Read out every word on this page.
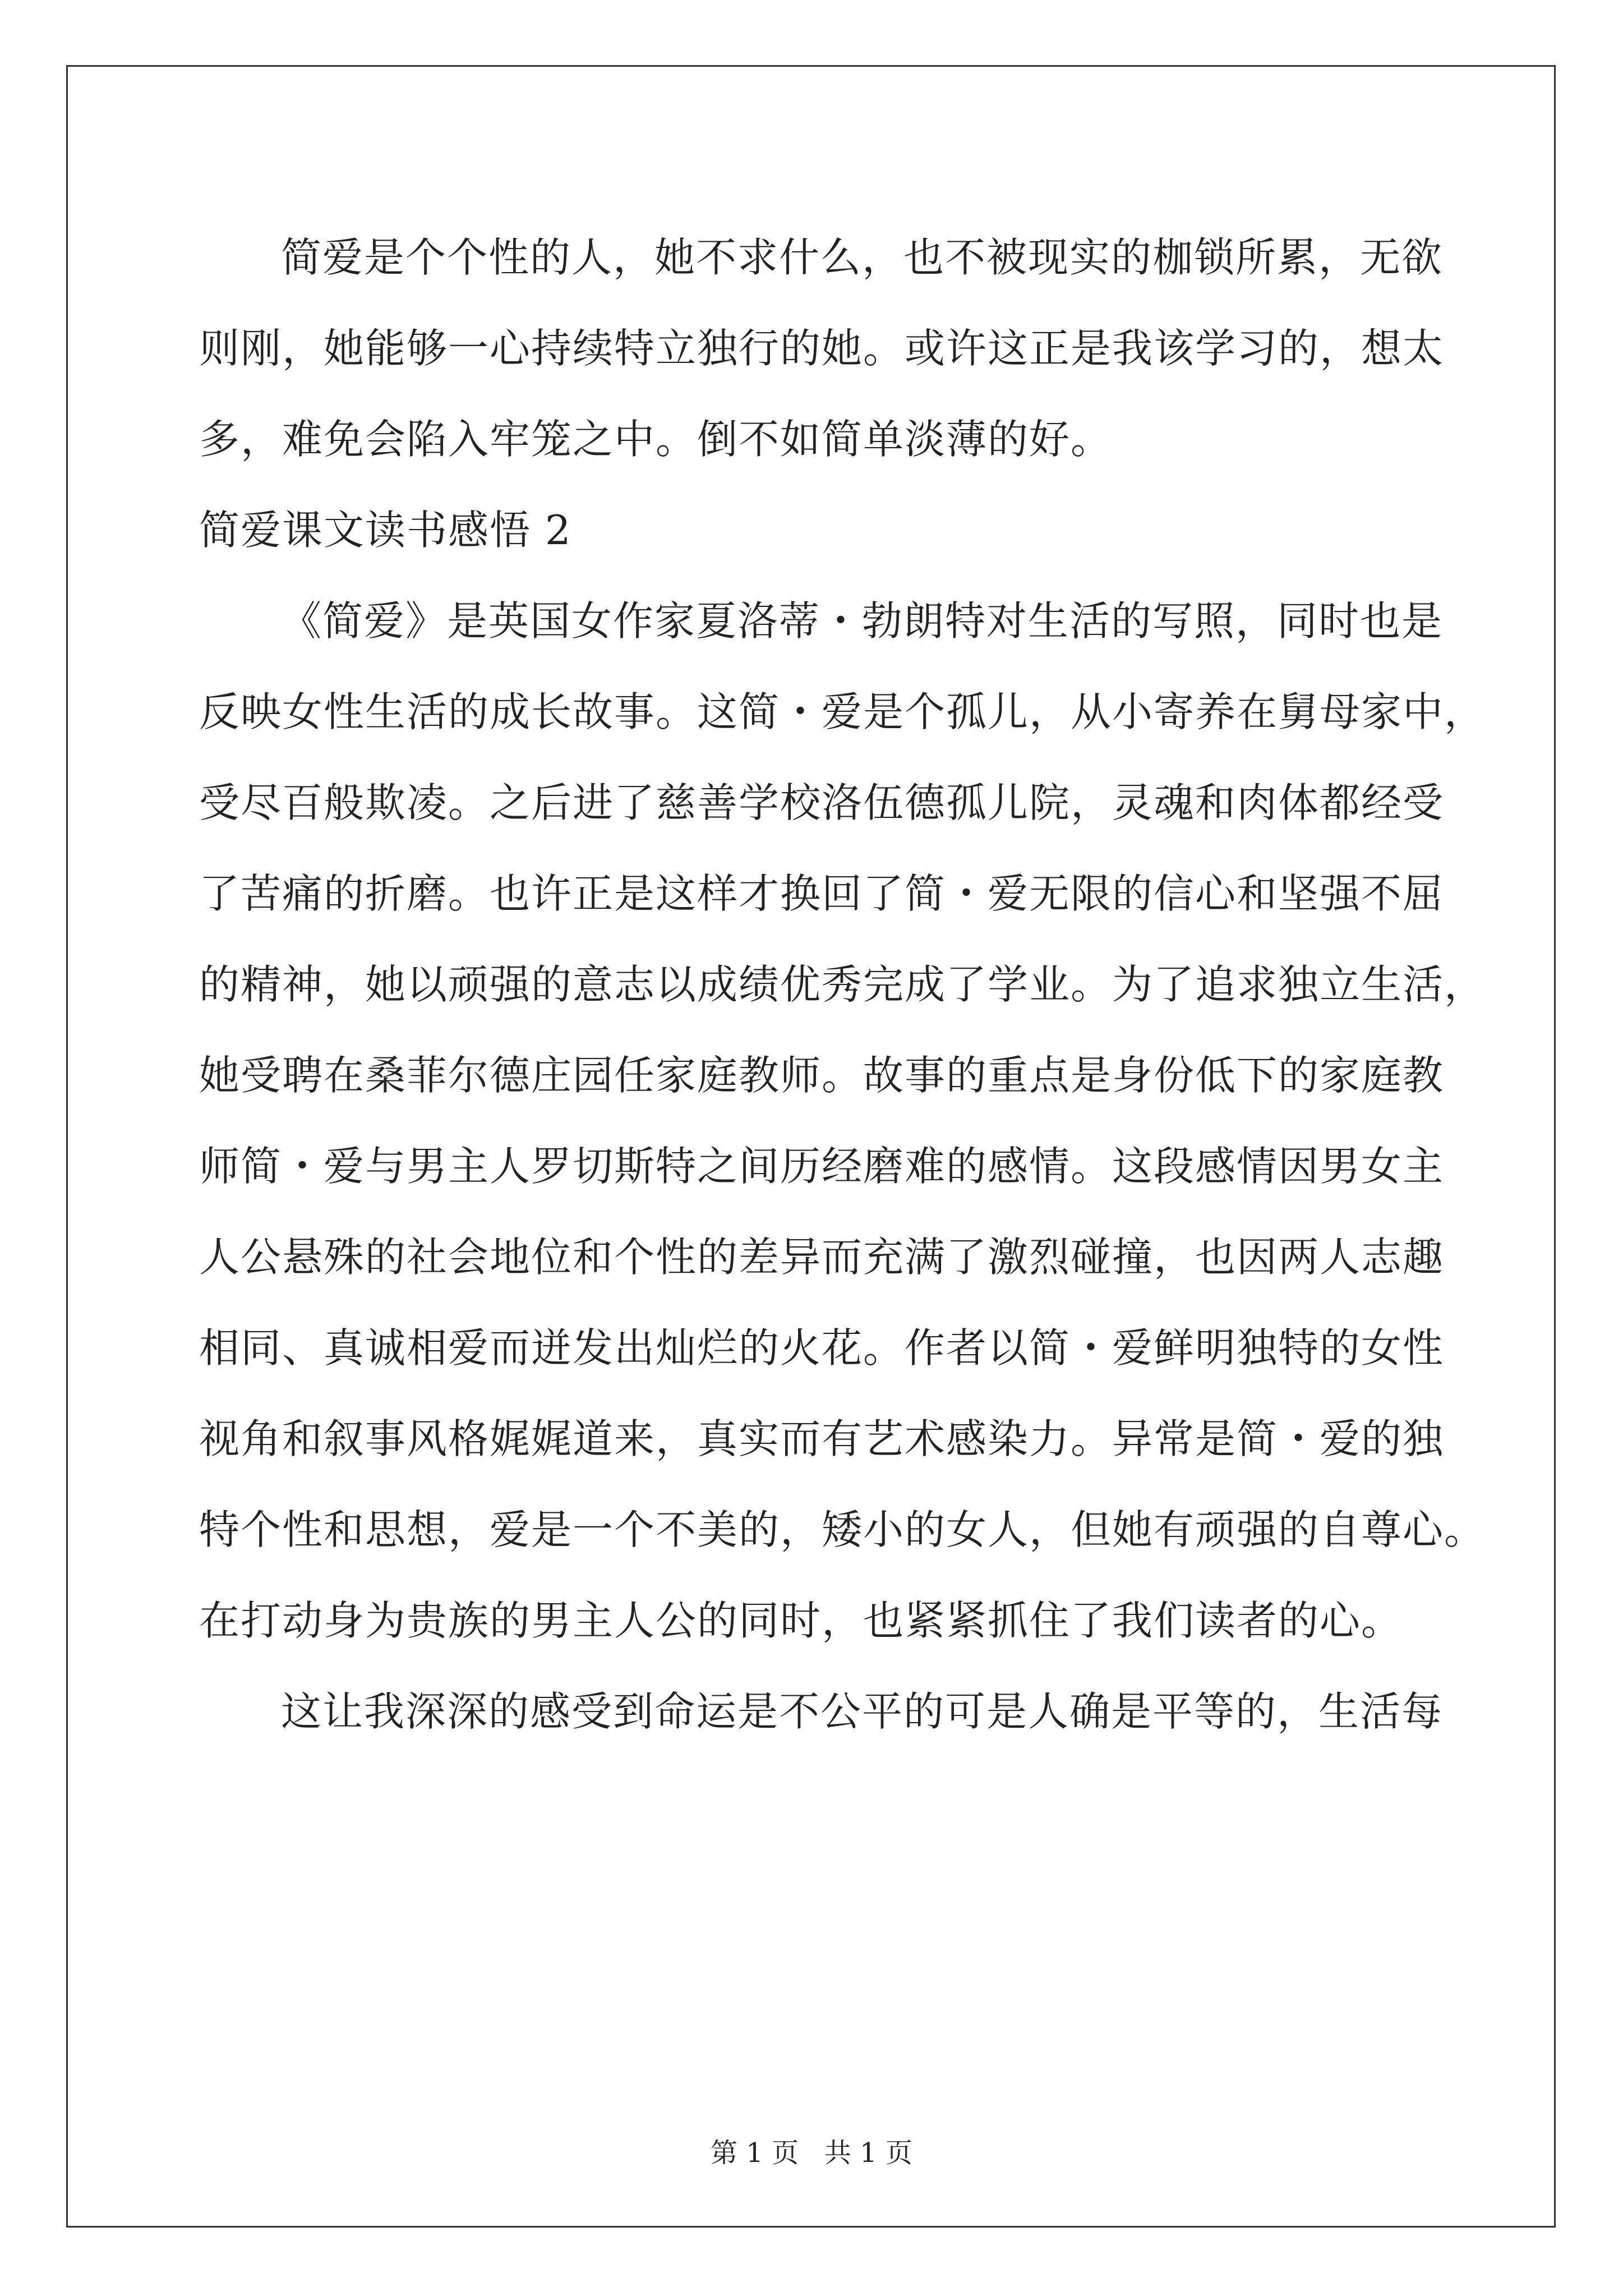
简爱是个个性的人，她不求什么，也不被现实的枷锁所累，无欲
则刚，她能够一心持续特立独行的她。或许这正是我该学习的，想太
多，难免会陷入牢笼之中。倒不如简单淡薄的好。
简爱课文读书感悟 2
《简爱》是英国女作家夏洛蒂・勃朗特对生活的写照，同时也是
反映女性生活的成长故事。这简・爱是个孤儿，从小寄养在舅母家中，
受尽百般欺凌。之后进了慈善学校洛伍德孤儿院，灵魂和肉体都经受
了苦痛的折磨。也许正是这样才换回了简・爱无限的信心和坚强不屈
的精神，她以顽强的意志以成绩优秀完成了学业。为了追求独立生活，
她受聘在桑菲尔德庄园任家庭教师。故事的重点是身份低下的家庭教
师简・爱与男主人罗切斯特之间历经磨难的感情。这段感情因男女主
人公悬殊的社会地位和个性的差异而充满了激烈碰撞，也因两人志趣
相同、真诚相爱而迸发出灿烂的火花。作者以简・爱鲜明独特的女性
视角和叙事风格娓娓道来，真实而有艺术感染力。异常是简・爱的独
特个性和思想，爱是一个不美的，矮小的女人，但她有顽强的自尊心。
在打动身为贵族的男主人公的同时，也紧紧抓住了我们读者的心。
这让我深深的感受到命运是不公平的可是人确是平等的，生活每
第 1 页 共 1 页
